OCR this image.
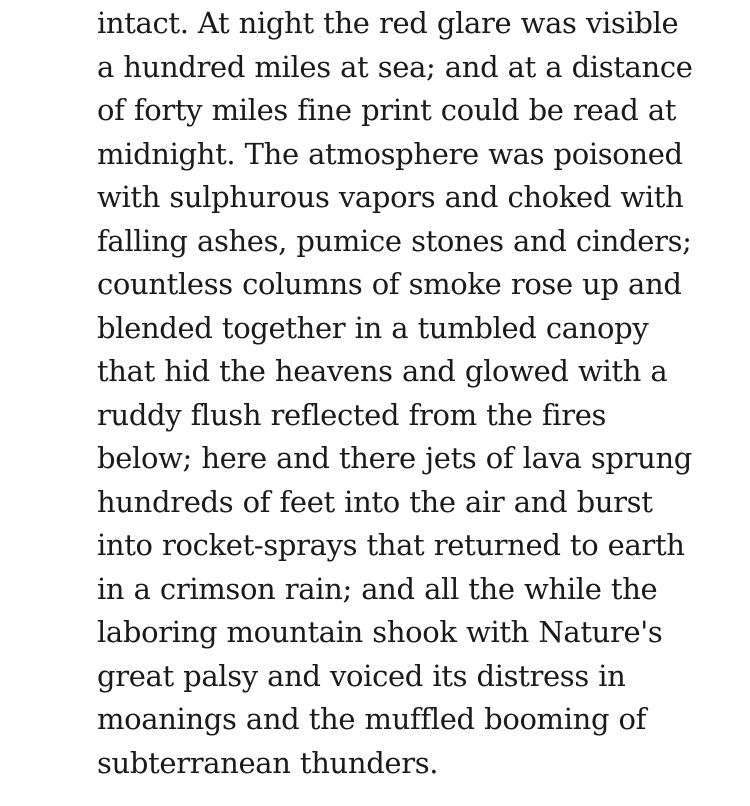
intact. At night the red glare was visible
a hundred miles at sea; and at a distance
of forty miles fine print could be read at
midnight. The atmosphere was poisoned
with sulphurous vapors and choked with
falling ashes, pumice stones and cinders;
countless columns of smoke rose up and
blended together in a tumbled canopy
that hid the heavens and glowed with a
ruddy flush reflected from the fires
below; here and there jets of lava sprung
hundreds of feet into the air and burst
into rocket-sprays that returned to earth
in a crimson rain; and all the while the
laboring mountain shook with Nature's
great palsy and voiced its distress in
moanings and the muffled booming of
subterranean thunders.
